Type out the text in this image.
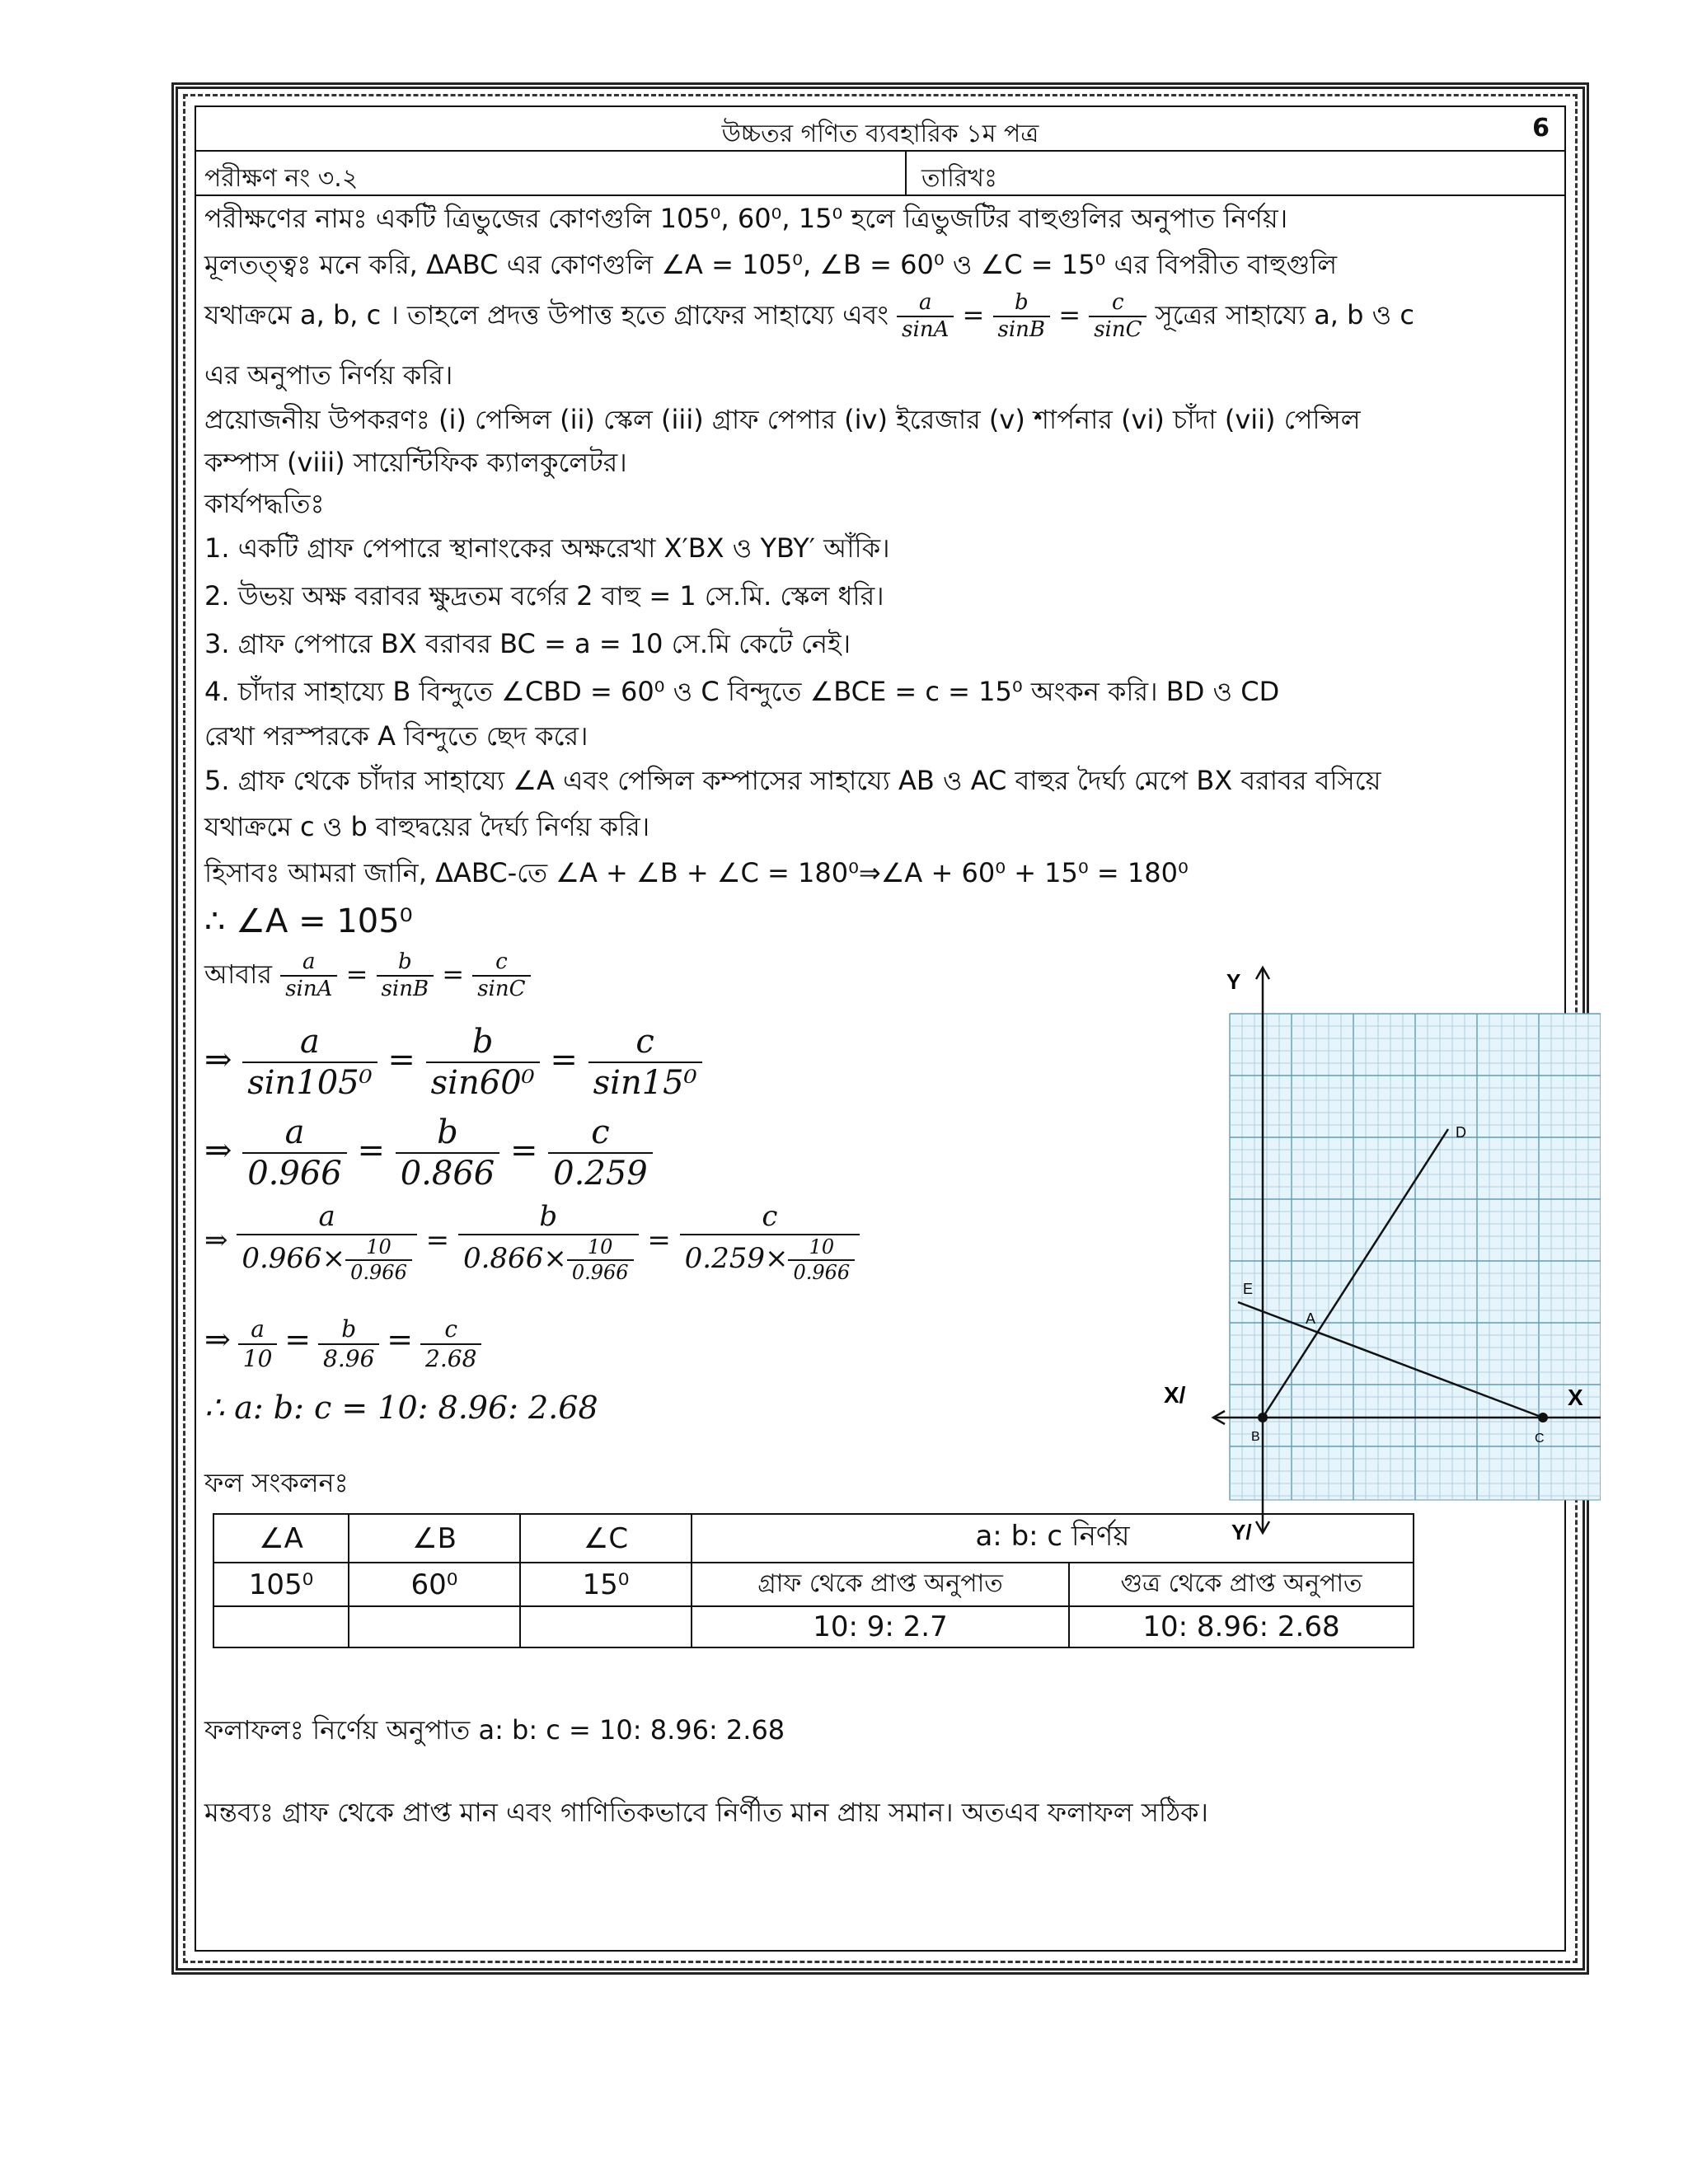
উচ্চতর গণিত ব্যবহারিক ১ম পত্র	6
পরীক্ষণ নং ৩.২	তারিখঃ
পরীক্ষণের নামঃ একটি ত্রিভুজের কোণগুলি 105⁰, 60⁰, 15⁰ হলে ত্রিভুজটির বাহুগুলির অনুপাত নির্ণয়।
মূলতত্ত্বঃ মনে করি, ΔABC এর কোণগুলি ∠A = 105⁰, ∠B = 60⁰ ও ∠C = 15⁰ এর বিপরীত বাহুগুলি
যথাক্রমে a, b, c । তাহলে প্রদত্ত উপাত্ত হতে গ্রাফের সাহায্যে এবং $\frac{a}{\sin A} = \frac{b}{\sin B} = \frac{c}{\sin C}$ সূত্রের সাহায্যে a, b ও c
এর অনুপাত নির্ণয় করি।
প্রয়োজনীয় উপকরণঃ (i) পেন্সিল (ii) স্কেল (iii) গ্রাফ পেপার (iv) ইরেজার (v) শার্পনার (vi) চাঁদা (vii) পেন্সিল
কম্পাস (viii) সায়েন্টিফিক ক্যালকুলেটর।
কার্যপদ্ধতিঃ
1. একটি গ্রাফ পেপারে স্থানাংকের অক্ষরেখা X′BX ও YBY′ আঁকি।
2. উভয় অক্ষ বরাবর ক্ষুদ্রতম বর্গের 2 বাহু = 1 সে.মি. স্কেল ধরি।
3. গ্রাফ পেপারে BX বরাবর BC = a = 10 সে.মি কেটে নেই।
4. চাঁদার সাহায্যে B বিন্দুতে ∠CBD = 60⁰ ও C বিন্দুতে ∠BCE = c = 15⁰ অংকন করি। BD ও CD
রেখা পরস্পরকে A বিন্দুতে ছেদ করে।
5. গ্রাফ থেকে চাঁদার সাহায্যে ∠A এবং পেন্সিল কম্পাসের সাহায্যে AB ও AC বাহুর দৈর্ঘ্য মেপে BX বরাবর বসিয়ে
যথাক্রমে c ও b বাহুদ্বয়ের দৈর্ঘ্য নির্ণয় করি।
হিসাবঃ আমরা জানি, ΔABC-তে ∠A + ∠B + ∠C = 180⁰⇒∠A + 60⁰ + 15⁰ = 180⁰
∴ ∠A = 105⁰
আবার $\frac{a}{\sin A} = \frac{b}{\sin B} = \frac{c}{\sin C}$
⇒ $\frac{a}{\text{sin105⁰}} = \frac{b}{\text{sin60⁰}} = \frac{c}{\text{sin15⁰}}$
⇒ $\frac{a}{0.966} = \frac{b}{0.866} = \frac{c}{0.259}$
⇒ $\frac{a}{0.966\times \frac{10}{0.966}} = \frac{b}{0.866\times \frac{10}{0.966}} = \frac{c}{0.259\times \frac{10}{0.966}}$
⇒ $\frac{a}{10} = \frac{b}{8.96} = \frac{c}{2.68}$
∴ a: b: c = 10: 8.96: 2.68
ফল সংকলনঃ
∠A	∠B	∠C	a: b: c নির্ণয়	
105⁰	60⁰	15⁰	গ্রাফ থেকে প্রাপ্ত অনুপাত	গুত্র থেকে প্রাপ্ত অনুপাত
			10: 9: 2.7	10: 8.96: 2.68
ফলাফলঃ নির্ণেয় অনুপাত a: b: c = 10: 8.96: 2.68
মন্তব্যঃ গ্রাফ থেকে প্রাপ্ত মান এবং গাণিতিকভাবে নির্ণীত মান প্রায় সমান। অতএব ফলাফল সঠিক।
Y
Y/
X
X/
B	C
A
D
E
